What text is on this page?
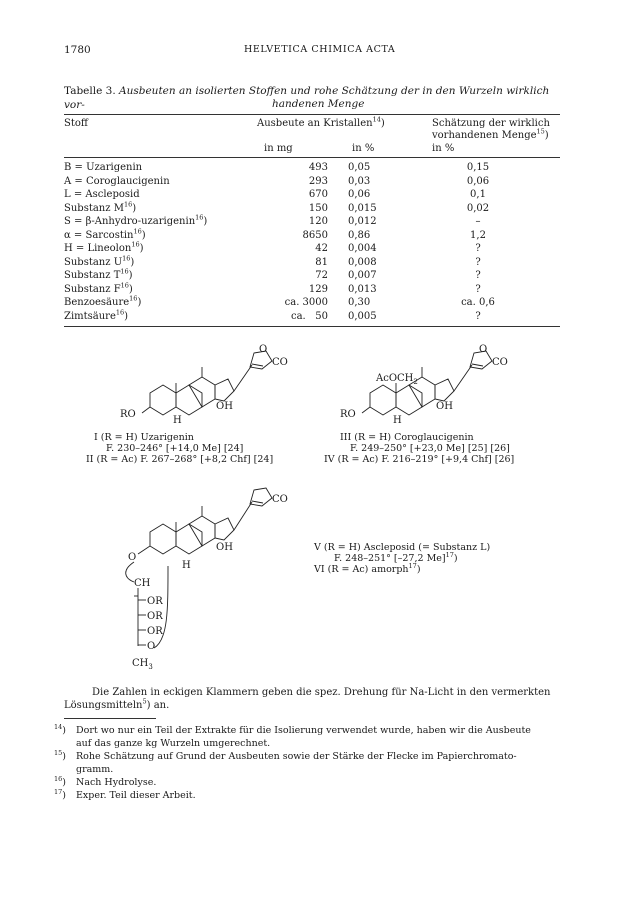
1780	HELVETICA CHIMICA ACTA
Tabelle 3. Ausbeuten an isolierten Stoffen und rohe Schätzung der in den Wurzeln wirklich vor-	handenen Menge
Stoff	Ausbeute an Kristallen$^{14}$)	Schätzung der wirklich
vorhandenen Menge$^{15}$)
in mg	in %	in %
B = Uzarigenin	493 0,05	0,15
A = Coroglaucigenin	293 0,03	0,06
L = Ascleposid	670 0,06	0,1
Substanz $M^{16}$)	150 0,015	0,02
S = β-Anhydro-uzarigenin$^{16}$)	120 0,012	–
α = Sarcostin$^{16}$)	8650 0,86	1,2
H = Lineolon$^{16}$)	42 0,004	?
Substanz $U^{16}$)	81 0,008	?
Substanz $T^{16}$)	72 0,007	?
Substanz $F^{16}$)	129 0,013	?
Benzoesäure$^{16}$)	ca. 3000 0,30	ca. 0,6
Zimtsäure$^{16}$)	ca.   50 0,005	?
RO
H
OH
O
CO
I (R = H) Uzarigenin
F. 230–246° [+14,0 Me] [24]
II (R = Ac) F. 267–268° [+8,2 Chf] [24]
AcOCH$_2$
RO
H
OH
O
CO
III (R = H) Coroglaucigenin
F. 249–250° [+23,0 Me] [25] [26]
IV (R = Ac) F. 216–219° [+9,4 Chf] [26]
O
H
OH
CO
CH
OR
OR
OR
O
$CH_3$
V (R = H) Ascleposid (= Substanz L)
F. 248–251° [–27,2 Me]$^{17}$)
VI (R = Ac) amorph$^{17}$)
Die Zahlen in eckigen Klammern geben die spez. Drehung für Na-Licht in den vermerkten
Lösungsmitteln$^5$) an.
$^{14}$) Dort wo nur ein Teil der Extrakte für die Isolierung verwendet wurde, haben wir die Ausbeute
auf das ganze kg Wurzeln umgerechnet.
$^{15}$) Rohe Schätzung auf Grund der Ausbeuten sowie der Stärke der Flecke im Papierchromato-
gramm.
$^{16}$) Nach Hydrolyse.
$^{17}$) Exper. Teil dieser Arbeit.
